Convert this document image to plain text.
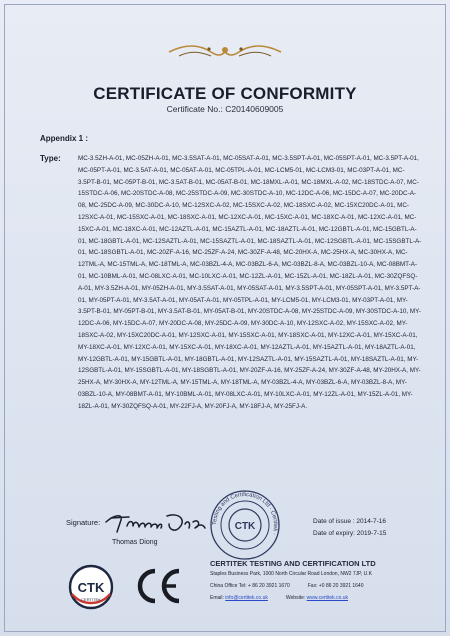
CERTIFICATE OF CONFORMITY
Certificate No.: C20140609005
Appendix 1 :
Type:	MC-3.5ZH-A-01, MC-05ZH-A-01, MC-3.5SAT-A-01, MC-05SAT-A-01, MC-3.5SPT-A-01, MC-05SPT-A-01, MC-3.5PT-A-01, MC-05PT-A-01, MC-3.5AT-A-01, MC-05AT-A-01, MC-05TPL-A-01, MC-LCM5-01, MC-LCM3-01, MC-03PT-A-01, MC-3.5PT-B-01, MC-05PT-B-01, MC-3.5AT-B-01, MC-05AT-B-01, MC-18MXL-A-01, MC-18MXL-A-02, MC-18STDC-A-07, MC-15STDC-A-06, MC-20STDC-A-08, MC-25STDC-A-09, MC-30STDC-A-10, MC-12DC-A-06, MC-15DC-A-07, MC-20DC-A-08, MC-25DC-A-09, MC-30DC-A-10, MC-12SXC-A-02, MC-15SXC-A-02, MC-18SXC-A-02, MC-15XC20DC-A-01, MC-12SXC-A-01, MC-15SXC-A-01, MC-18SXC-A-01, MC-12XC-A-01, MC-15XC-A-01, MC-18XC-A-01, MC-12XC-A-01, MC-15XC-A-01, MC-18XC-A-01, MC-12AZTL-A-01, MC-15AZTL-A-01, MC-18AZTL-A-01, MC-12GBTL-A-01, MC-15GBTL-A-01, MC-18GBTL-A-01, MC-12SAZTL-A-01, MC-15SAZTL-A-01, MC-18SAZTL-A-01, MC-12SGBTL-A-01, MC-15SGBTL-A-01, MC-18SGBTL-A-01, MC-20ZF-A-16, MC-25ZF-A-24, MC-30ZF-A-48, MC-20HX-A, MC-25HX-A, MC-30HX-A, MC-12TML-A, MC-15TML-A, MC-18TML-A, MC-03BZL-4-A, MC-03BZL-6-A, MC-03BZL-8-A, MC-03BZL-10-A, MC-08BMT-A-01, MC-10BML-A-01, MC-08LXC-A-01, MC-10LXC-A-01, MC-12ZL-A-01, MC-15ZL-A-01, MC-18ZL-A-01, MC-30ZQFSQ-A-01, MY-3.5ZH-A-01, MY-05ZH-A-01, MY-3.5SAT-A-01, MY-05SAT-A-01, MY-3.5SPT-A-01, MY-05SPT-A-01, MY-3.5PT-A-01, MY-05PT-A-01, MY-3.5AT-A-01, MY-05AT-A-01, MY-05TPL-A-01, MY-LCM5-01, MY-LCM3-01, MY-03PT-A-01, MY-3.5PT-B-01, MY-05PT-B-01, MY-3.5AT-B-01, MY-05AT-B-01, MY-20STDC-A-08, MY-25STDC-A-09, MY-30STDC-A-10, MY-12DC-A-06, MY-15DC-A-07, MY-20DC-A-08, MY-25DC-A-09, MY-30DC-A-10, MY-12SXC-A-02, MY-15SXC-A-02, MY-18SXC-A-02, MY-15XC20DC-A-01, MY-12SXC-A-01, MY-15SXC-A-01, MY-18SXC-A-01, MY-12XC-A-01, MY-15XC-A-01, MY-18XC-A-01, MY-12XC-A-01, MY-15XC-A-01, MY-18XC-A-01, MY-12AZTL-A-01, MY-15AZTL-A-01, MY-18AZTL-A-01, MY-12GBTL-A-01, MY-15GBTL-A-01, MY-18GBTL-A-01, MY-12SAZTL-A-01, MY-15SAZTL-A-01, MY-18SAZTL-A-01, MY-12SGBTL-A-01, MY-15SGBTL-A-01, MY-18SGBTL-A-01, MY-20ZF-A-16, MY-25ZF-A-24, MY-30ZF-A-48, MY-20HX-A, MY-25HX-A, MY-30HX-A, MY-12TML-A, MY-15TML-A, MY-18TML-A, MY-03BZL-4-A, MY-03BZL-6-A, MY-03BZL-8-A, MY-03BZL-10-A, MY-08BMT-A-01, MY-10BML-A-01, MY-08LXC-A-01, MY-10LXC-A-01, MY-12ZL-A-01, MY-15ZL-A-01, MY-18ZL-A-01, MY-30ZQFSQ-A-01, MY-22FJ-A, MY-20FJ-A, MY-18FJ-A, MY-25FJ-A.
Signature:
Thomas Diong
CTK
Testing and Certification Ltd · Certitek ·
Date of issue : 2014-7-16
Date of expiry: 2019-7-15
CTK
CERTITEK
CE	CERTITEK TESTING AND CERTIFICATION LTD
Staples Business Park, 1000 North Circular Road London, NW2 7JP, U.K
China Office Tel: + 86 20 3921 1670	Fax: +0 86 20 3921 1640
Email: info@certitek.co.uk	Website: www.certitek.co.uk
